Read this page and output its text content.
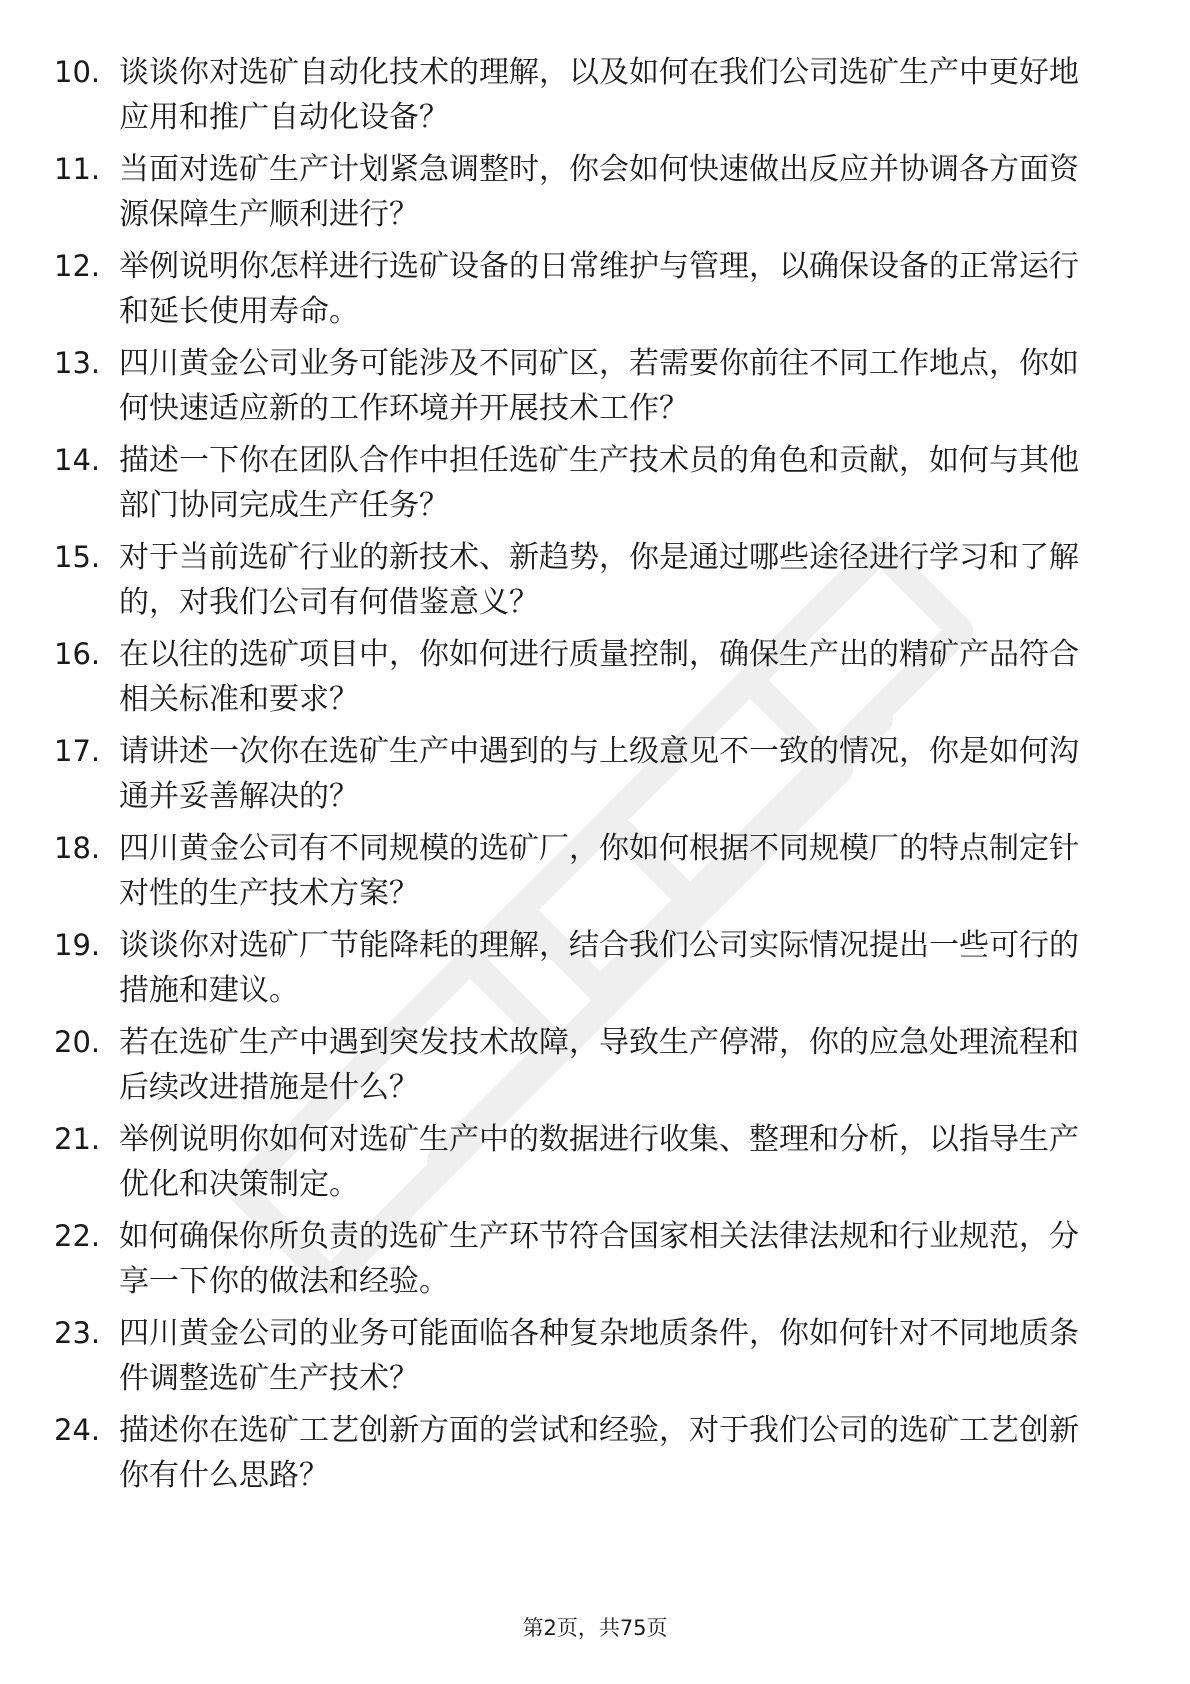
10. 谈谈你对选矿自动化技术的理解，以及如何在我们公司选矿生产中更好地应用和推广自动化设备？
11. 当面对选矿生产计划紧急调整时，你会如何快速做出反应并协调各方面资源保障生产顺利进行？
12. 举例说明你怎样进行选矿设备的日常维护与管理，以确保设备的正常运行和延长使用寿命。
13. 四川黄金公司业务可能涉及不同矿区，若需要你前往不同工作地点，你如何快速适应新的工作环境并开展技术工作？
14. 描述一下你在团队合作中担任选矿生产技术员的角色和贡献，如何与其他部门协同完成生产任务？
15. 对于当前选矿行业的新技术、新趋势，你是通过哪些途径进行学习和了解的，对我们公司有何借鉴意义？
16. 在以往的选矿项目中，你如何进行质量控制，确保生产出的精矿产品符合相关标准和要求？
17. 请讲述一次你在选矿生产中遇到的与上级意见不一致的情况，你是如何沟通并妥善解决的？
18. 四川黄金公司有不同规模的选矿厂，你如何根据不同规模厂的特点制定针对性的生产技术方案？
19. 谈谈你对选矿厂节能降耗的理解，结合我们公司实际情况提出一些可行的措施和建议。
20. 若在选矿生产中遇到突发技术故障，导致生产停滞，你的应急处理流程和后续改进措施是什么？
21. 举例说明你如何对选矿生产中的数据进行收集、整理和分析，以指导生产优化和决策制定。
22. 如何确保你所负责的选矿生产环节符合国家相关法律法规和行业规范，分享一下你的做法和经验。
23. 四川黄金公司的业务可能面临各种复杂地质条件，你如何针对不同地质条件调整选矿生产技术？
24. 描述你在选矿工艺创新方面的尝试和经验，对于我们公司的选矿工艺创新你有什么思路？
第2页，共75页
